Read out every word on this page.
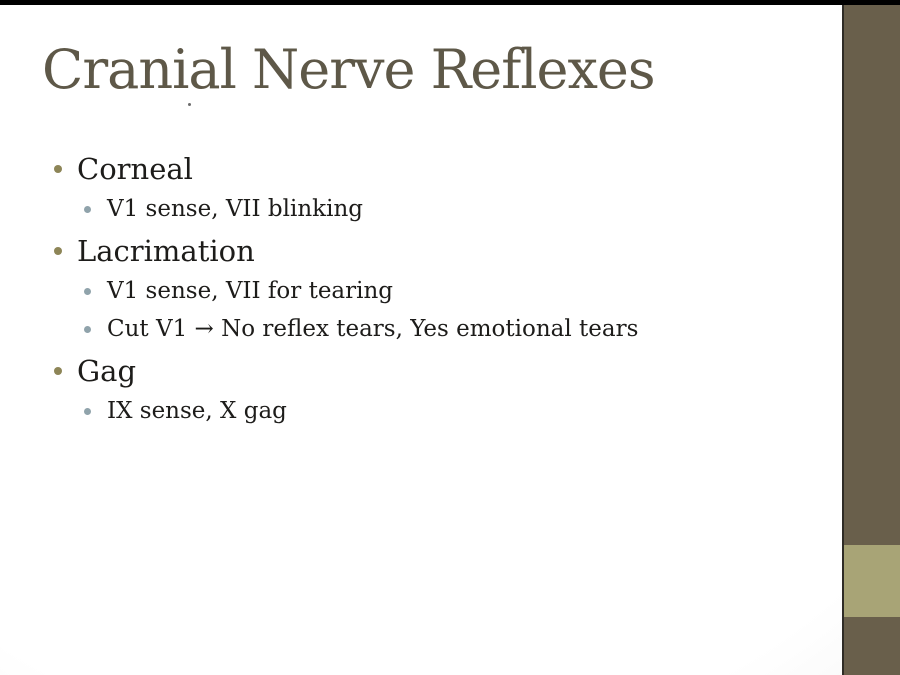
Cranial Nerve Reflexes
Corneal
V1 sense, VII blinking
Lacrimation
V1 sense, VII for tearing
Cut V1 → No reflex tears, Yes emotional tears
Gag
IX sense, X gag
